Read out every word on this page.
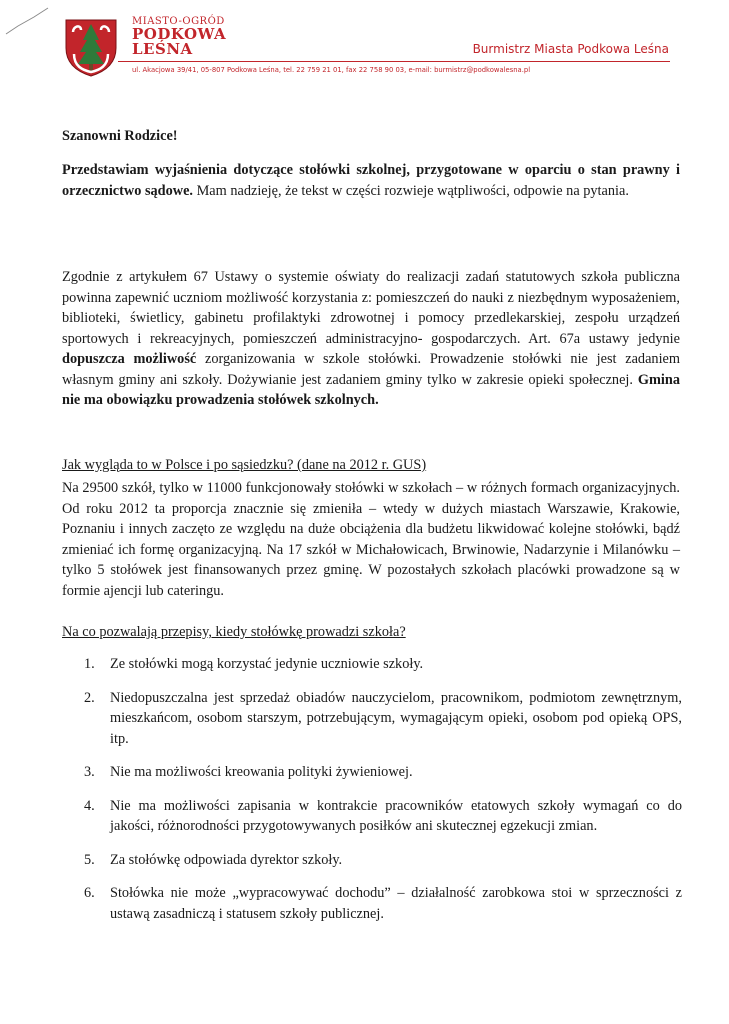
MIASTO-OGRÓD
PODKOWA
LEŚNA	Burmistrz Miasta Podkowa Leśna
ul. Akacjowa 39/41, 05-807 Podkowa Leśna, tel. 22 759 21 01, fax 22 758 90 03, e-mail: burmistrz@podkowalesna.pl
Szanowni Rodzice!
Przedstawiam wyjaśnienia dotyczące stołówki szkolnej, przygotowane w oparciu o stan prawny i orzecznictwo sądowe. Mam nadzieję, że tekst w części rozwieje wątpliwości, odpowie na pytania.
Zgodnie z artykułem 67 Ustawy o systemie oświaty do realizacji zadań statutowych szkoła publiczna powinna zapewnić uczniom możliwość korzystania z: pomieszczeń do nauki z niezbędnym wyposażeniem, biblioteki, świetlicy, gabinetu profilaktyki zdrowotnej i pomocy przedlekarskiej, zespołu urządzeń sportowych i rekreacyjnych, pomieszczeń administracyjno- gospodarczych. Art. 67a ustawy jedynie dopuszcza możliwość zorganizowania w szkole stołówki. Prowadzenie stołówki nie jest zadaniem własnym gminy ani szkoły. Dożywianie jest zadaniem gminy tylko w zakresie opieki społecznej. Gmina nie ma obowiązku prowadzenia stołówek szkolnych.
Jak wygląda to w Polsce i po sąsiedzku? (dane na 2012 r. GUS)
Na 29500 szkół, tylko w 11000 funkcjonowały stołówki w szkołach – w różnych formach organizacyjnych. Od roku 2012 ta proporcja znacznie się zmieniła – wtedy w dużych miastach Warszawie, Krakowie, Poznaniu i innych zaczęto ze względu na duże obciążenia dla budżetu likwidować kolejne stołówki, bądź zmieniać ich formę organizacyjną. Na 17 szkół w Michałowicach, Brwinowie, Nadarzynie i Milanówku – tylko 5 stołówek jest finansowanych przez gminę. W pozostałych szkołach placówki prowadzone są w formie ajencji lub cateringu.
Na co pozwalają przepisy, kiedy stołówkę prowadzi szkoła?
1. Ze stołówki mogą korzystać jedynie uczniowie szkoły.
2. Niedopuszczalna jest sprzedaż obiadów nauczycielom, pracownikom, podmiotom zewnętrznym, mieszkańcom, osobom starszym, potrzebującym, wymagającym opieki, osobom pod opieką OPS, itp.
3. Nie ma możliwości kreowania polityki żywieniowej.
4. Nie ma możliwości zapisania w kontrakcie pracowników etatowych szkoły wymagań co do jakości, różnorodności przygotowywanych posiłków ani skutecznej egzekucji zmian.
5. Za stołówkę odpowiada dyrektor szkoły.
6. Stołówka nie może „wypracowywać dochodu” – działalność zarobkowa stoi w sprzeczności z ustawą zasadniczą i statusem szkoły publicznej.
